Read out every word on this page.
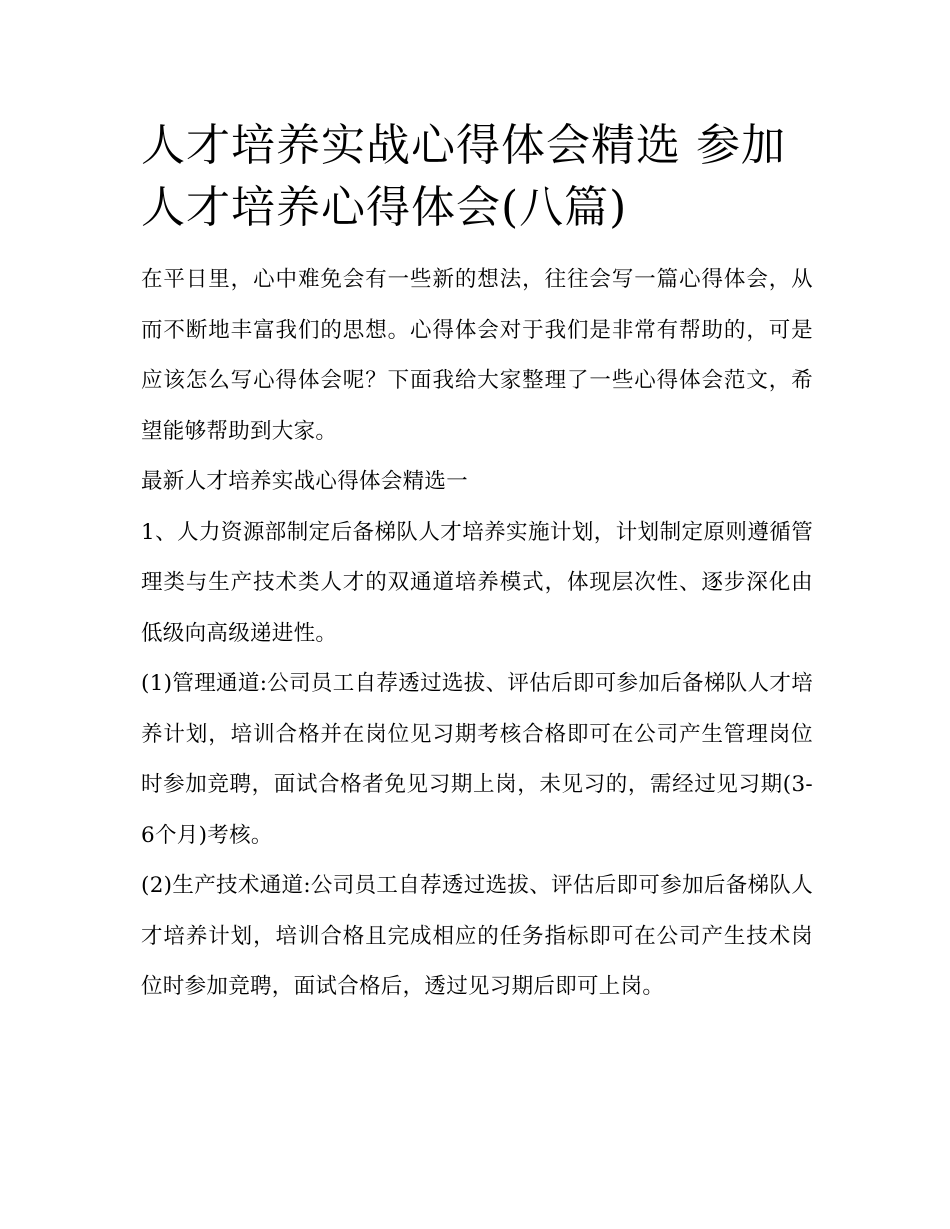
人才培养实战心得体会精选 参加人才培养心得体会(八篇)

在平日里，心中难免会有一些新的想法，往往会写一篇心得体会，从而不断地丰富我们的思想。心得体会对于我们是非常有帮助的，可是应该怎么写心得体会呢？下面我给大家整理了一些心得体会范文，希望能够帮助到大家。

最新人才培养实战心得体会精选一

1、人力资源部制定后备梯队人才培养实施计划，计划制定原则遵循管理类与生产技术类人才的双通道培养模式，体现层次性、逐步深化由低级向高级递进性。

(1)管理通道:公司员工自荐透过选拔、评估后即可参加后备梯队人才培养计划，培训合格并在岗位见习期考核合格即可在公司产生管理岗位时参加竞聘，面试合格者免见习期上岗，未见习的，需经过见习期(3-6个月)考核。

(2)生产技术通道:公司员工自荐透过选拔、评估后即可参加后备梯队人才培养计划，培训合格且完成相应的任务指标即可在公司产生技术岗位时参加竞聘，面试合格后，透过见习期后即可上岗。
